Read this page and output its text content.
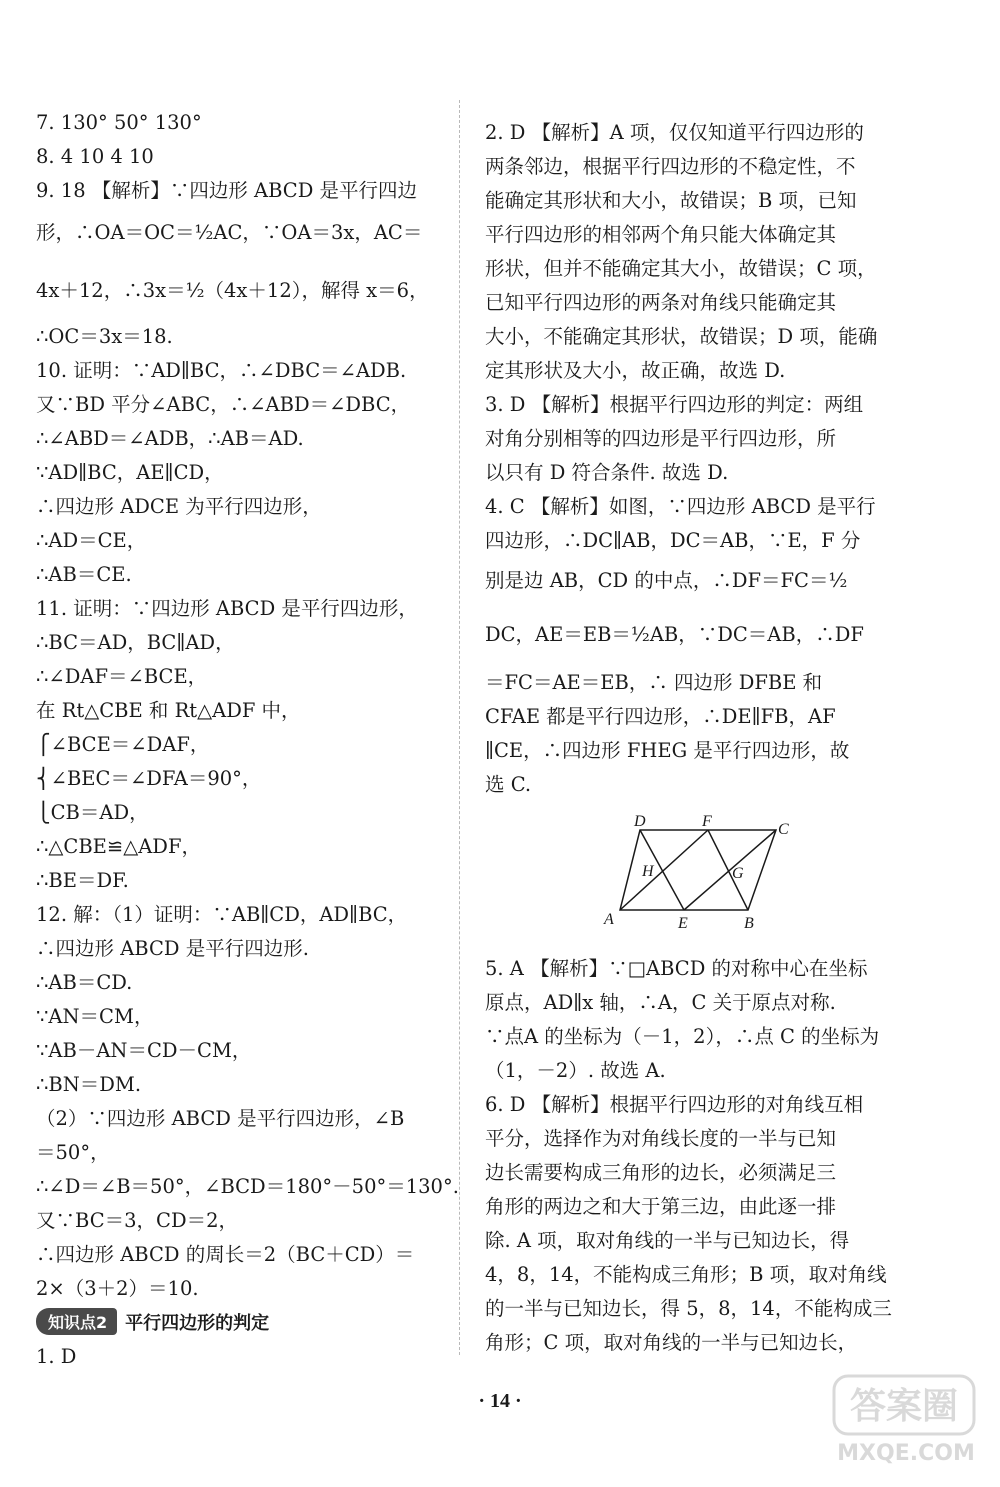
7. 130° 50° 130°
8. 4 10 4 10
9. 18 【解析】∵四边形 ABCD 是平行四边
形，∴OA＝OC＝½AC，∵OA＝3x，AC＝
4x＋12，∴3x＝½（4x＋12），解得 x＝6，
∴OC＝3x＝18.
10. 证明：∵AD∥BC，∴∠DBC＝∠ADB.
又∵BD 平分∠ABC，∴∠ABD＝∠DBC，
∴∠ABD＝∠ADB，∴AB＝AD.
∵AD∥BC，AE∥CD，
∴四边形 ADCE 为平行四边形，
∴AD＝CE，
∴AB＝CE.
11. 证明：∵四边形 ABCD 是平行四边形，
∴BC＝AD，BC∥AD，
∴∠DAF＝∠BCE，
在 Rt△CBE 和 Rt△ADF 中，
⎧∠BCE＝∠DAF，
⎨∠BEC＝∠DFA＝90°，
⎩CB＝AD，
∴△CBE≌△ADF，
∴BE＝DF.
12. 解：（1）证明：∵AB∥CD，AD∥BC，
∴四边形 ABCD 是平行四边形.
∴AB＝CD.
∵AN＝CM，
∵AB－AN＝CD－CM，
∴BN＝DM.
（2）∵四边形 ABCD 是平行四边形，∠B
＝50°，
∴∠D＝∠B＝50°，∠BCD＝180°－50°＝130°.
又∵BC＝3，CD＝2，
∴四边形 ABCD 的周长＝2（BC＋CD）＝
2×（3＋2）＝10.
1. D
知识点2	平行四边形的判定
2. D 【解析】A 项，仅仅知道平行四边形的
两条邻边，根据平行四边形的不稳定性，不
能确定其形状和大小，故错误；B 项，已知
平行四边形的相邻两个角只能大体确定其
形状，但并不能确定其大小，故错误；C 项，
已知平行四边形的两条对角线只能确定其
大小，不能确定其形状，故错误；D 项，能确
定其形状及大小，故正确，故选 D.
3. D 【解析】根据平行四边形的判定：两组
对角分别相等的四边形是平行四边形，所
以只有 D 符合条件. 故选 D.
4. C 【解析】如图，∵四边形 ABCD 是平行
四边形，∴DC∥AB，DC＝AB，∵E，F 分
别是边 AB，CD 的中点，∴DF＝FC＝½
DC，AE＝EB＝½AB，∵DC＝AB，∴DF
＝FC＝AE＝EB，∴ 四边形 DFBE 和
CFAE 都是平行四边形，∴DE∥FB，AF
∥CE，∴四边形 FHEG 是平行四边形，故
选 C.
5. A 【解析】∵□ABCD 的对称中心在坐标
原点，AD∥x 轴，∴A，C 关于原点对称.
∵点A 的坐标为（－1，2），∴点 C 的坐标为
（1，－2）. 故选 A.
6. D 【解析】根据平行四边形的对角线互相
平分，选择作为对角线长度的一半与已知
边长需要构成三角形的边长，必须满足三
角形的两边之和大于第三边，由此逐一排
除. A 项，取对角线的一半与已知边长，得
4，8，14，不能构成三角形；B 项，取对角线
的一半与已知边长，得 5，8，14，不能构成三
角形；C 项，取对角线的一半与已知边长，
D	F	C
H	G
A	E	B
· 14 ·	答案圈
MXQE.COM
